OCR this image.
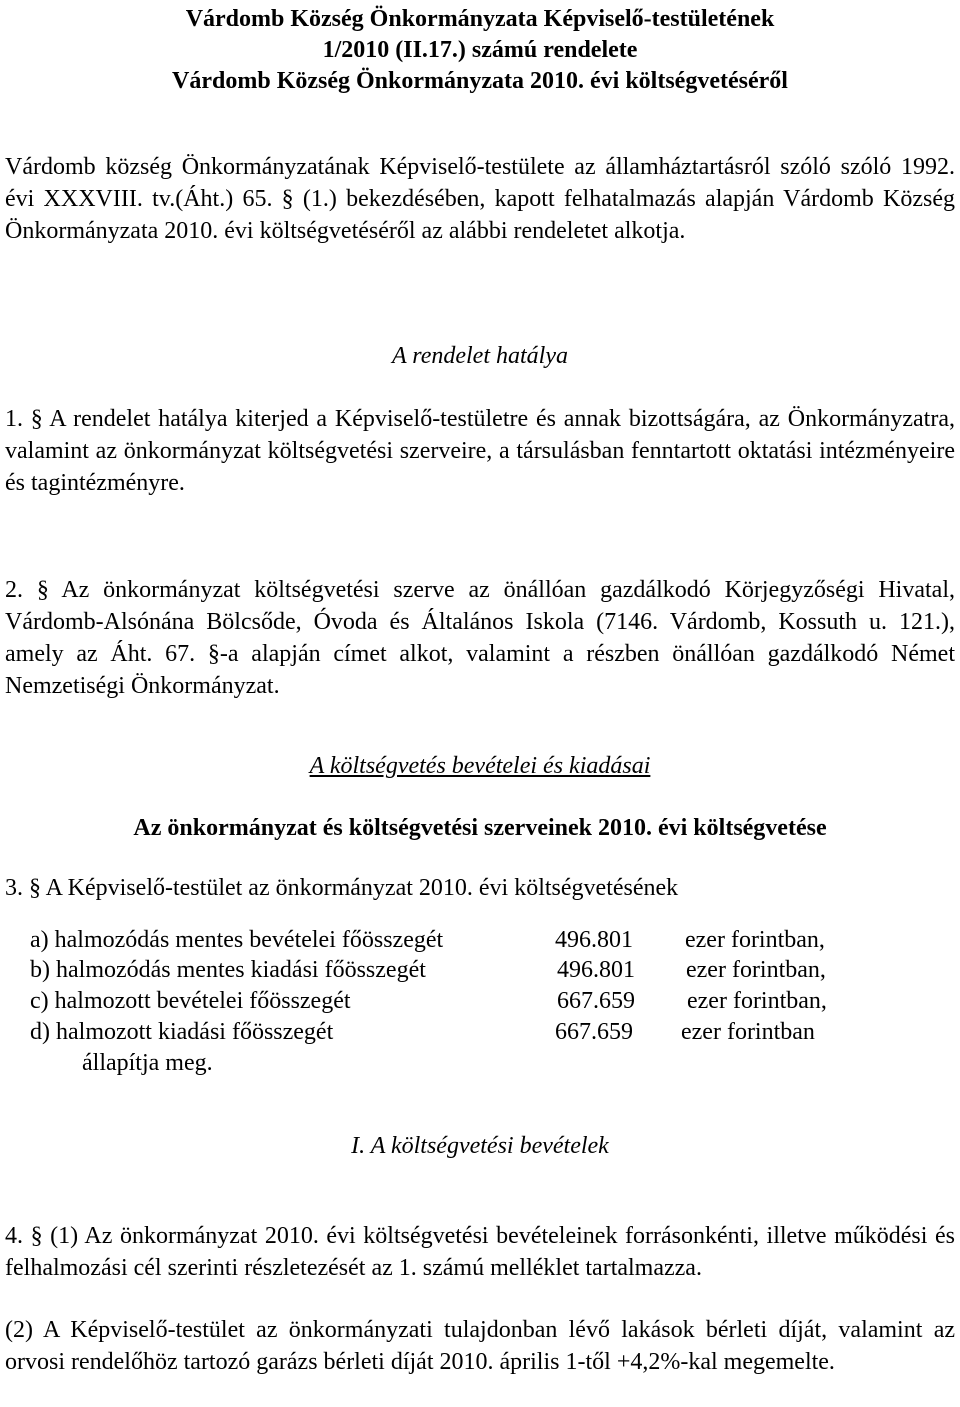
Várdomb Község Önkormányzata Képviselő-testületének
1/2010 (II.17.) számú rendelete
Várdomb Község Önkormányzata 2010. évi költségvetéséről
Várdomb község Önkormányzatának Képviselő-testülete az államháztartásról szóló szóló 1992. évi XXXVIII. tv.(Áht.) 65. § (1.) bekezdésében, kapott felhatalmazás alapján Várdomb Község Önkormányzata 2010. évi költségvetéséről az alábbi rendeletet alkotja.
A rendelet hatálya
1. § A rendelet hatálya kiterjed a Képviselő-testületre és annak bizottságára, az Önkormányzatra, valamint az önkormányzat költségvetési szerveire, a társulásban fenntartott oktatási intézményeire és tagintézményre.
2. § Az önkormányzat költségvetési szerve az önállóan gazdálkodó Körjegyzőségi Hivatal, Várdomb-Alsónána Bölcsőde, Óvoda és Általános Iskola (7146. Várdomb, Kossuth u. 121.), amely az Áht. 67. §-a alapján címet alkot, valamint a részben önállóan gazdálkodó Német Nemzetiségi Önkormányzat.
A költségvetés bevételei és kiadásai
Az önkormányzat és költségvetési szerveinek 2010. évi költségvetése
3. § A Képviselő-testület az önkormányzat 2010. évi költségvetésének
a) halmozódás mentes bevételei főösszegét	496.801 ezer forintban,
b) halmozódás mentes kiadási főösszegét	496.801 ezer forintban,
c) halmozott bevételei főösszegét	667.659 ezer forintban,
d) halmozott kiadási főösszegét	667.659 ezer forintban
állapítja meg.
I. A költségvetési bevételek
4. § (1) Az önkormányzat 2010. évi költségvetési bevételeinek forrásonkénti, illetve működési és felhalmozási cél szerinti részletezését az 1. számú melléklet tartalmazza.
(2) A Képviselő-testület az önkormányzati tulajdonban lévő lakások bérleti díját, valamint az orvosi rendelőhöz tartozó garázs bérleti díját 2010. április 1-től +4,2%-kal megemelte.
